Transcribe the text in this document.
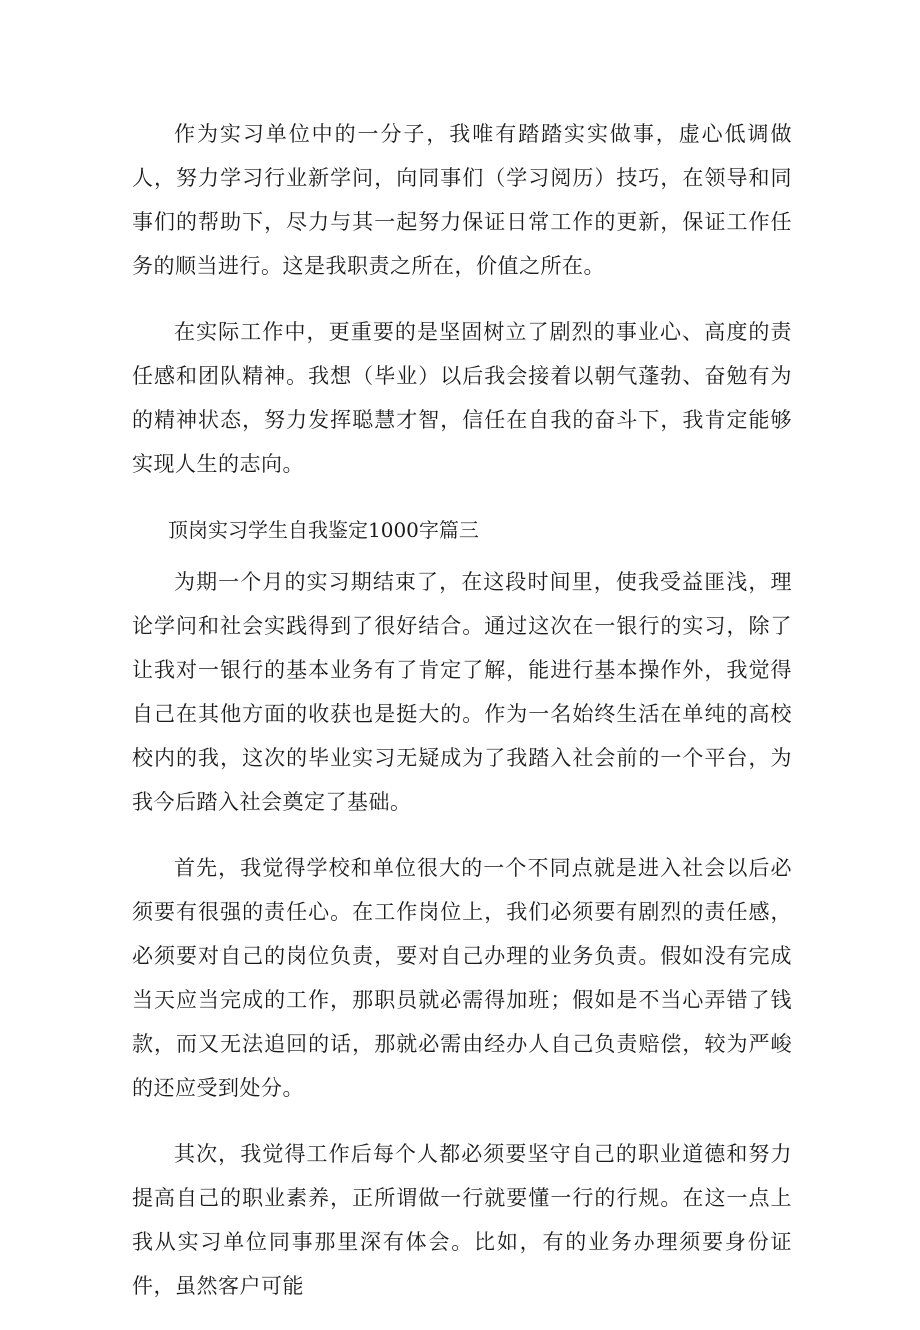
作为实习单位中的一分子，我唯有踏踏实实做事，虚心低调做人，努力学习行业新学问，向同事们（学习阅历）技巧，在领导和同事们的帮助下，尽力与其一起努力保证日常工作的更新，保证工作任务的顺当进行。这是我职责之所在，价值之所在。

在实际工作中，更重要的是坚固树立了剧烈的事业心、高度的责任感和团队精神。我想（毕业）以后我会接着以朝气蓬勃、奋勉有为的精神状态，努力发挥聪慧才智，信任在自我的奋斗下，我肯定能够实现人生的志向。

顶岗实习学生自我鉴定1000字篇三

为期一个月的实习期结束了，在这段时间里，使我受益匪浅，理论学问和社会实践得到了很好结合。通过这次在一银行的实习，除了让我对一银行的基本业务有了肯定了解，能进行基本操作外，我觉得自己在其他方面的收获也是挺大的。作为一名始终生活在单纯的高校校内的我，这次的毕业实习无疑成为了我踏入社会前的一个平台，为我今后踏入社会奠定了基础。

首先，我觉得学校和单位很大的一个不同点就是进入社会以后必须要有很强的责任心。在工作岗位上，我们必须要有剧烈的责任感，必须要对自己的岗位负责，要对自己办理的业务负责。假如没有完成当天应当完成的工作，那职员就必需得加班；假如是不当心弄错了钱款，而又无法追回的话，那就必需由经办人自己负责赔偿，较为严峻的还应受到处分。

其次，我觉得工作后每个人都必须要坚守自己的职业道德和努力提高自己的职业素养，正所谓做一行就要懂一行的行规。在这一点上我从实习单位同事那里深有体会。比如，有的业务办理须要身份证件，虽然客户可能
